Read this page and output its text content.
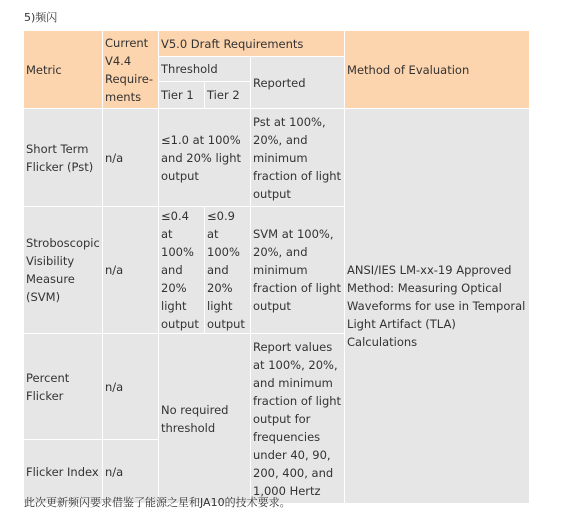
5)频闪
Metric	Current V4.4 Require-ments	V5.0 Draft Requirements			Method of Evaluation
		Threshold		Reported	
		Tier 1	Tier 2		
Short Term Flicker (Pst)	n/a	≤1.0 at 100% and 20% light output		Pst at 100%, 20%, and minimum fraction of light output	ANSI/IES LM-xx-19 Approved Method: Measuring Optical Waveforms for use in Temporal Light Artifact (TLA) Calculations
Stroboscopic Visibility Measure (SVM)	n/a	≤0.4 at 100% and 20% light output	≤0.9 at 100% and 20% light output	SVM at 100%, 20%, and minimum fraction of light output	
Percent Flicker	n/a	No required threshold		Report values at 100%, 20%, and minimum fraction of light output for frequencies under 40, 90, 200, 400, and 1,000 Hertz	
Flicker Index	n/a				
此次更新频闪要求借鉴了能源之星和JA10的技术要求。
